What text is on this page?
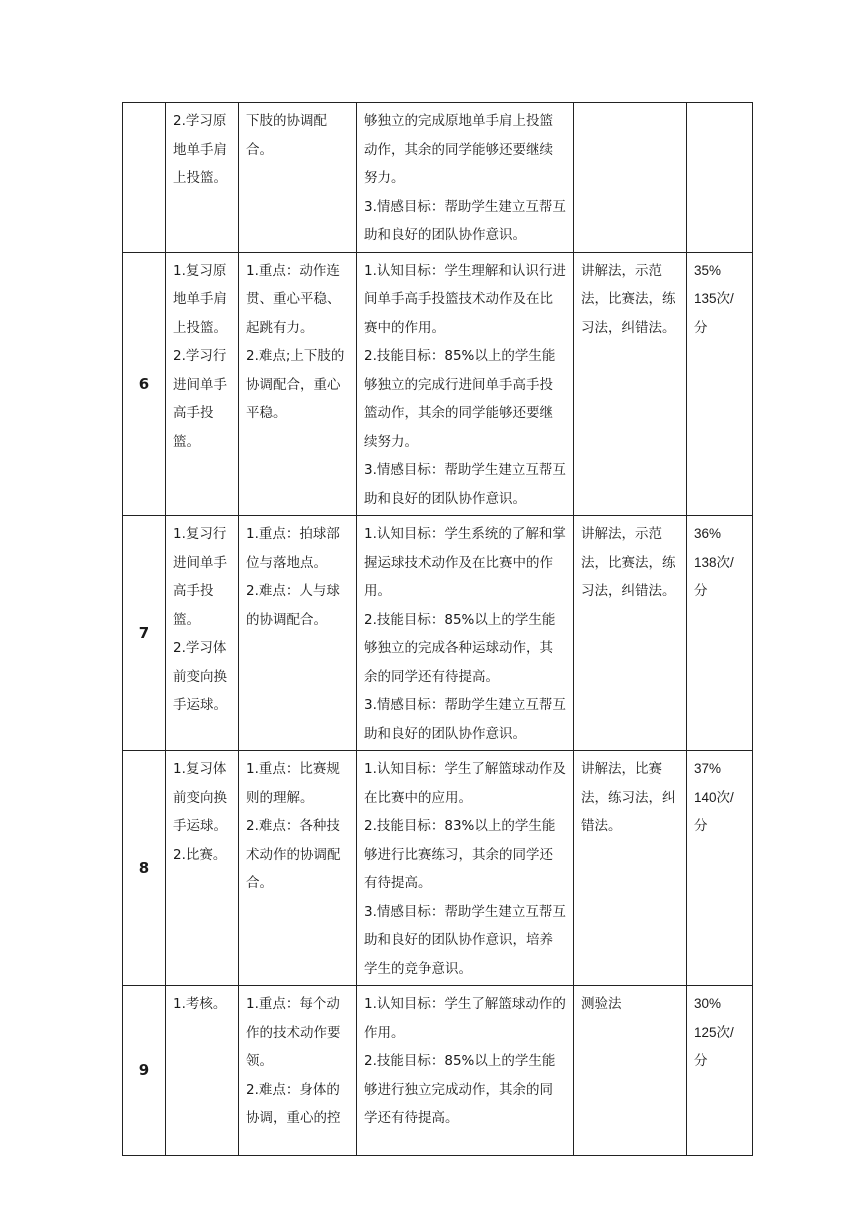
	2.学习原地单手肩上投篮。	下肢的协调配合。	够独立的完成原地单手肩上投篮动作，其余的同学能够还要继续努力。
3.情感目标：帮助学生建立互帮互助和良好的团队协作意识。		

6	1.复习原地单手肩上投篮。
2.学习行进间单手高手投篮。	1.重点：动作连贯、重心平稳、起跳有力。
2.难点;上下肢的协调配合，重心平稳。	1.认知目标：学生理解和认识行进间单手高手投篮技术动作及在比赛中的作用。
2.技能目标：85%以上的学生能够独立的完成行进间单手高手投篮动作，其余的同学能够还要继续努力。
3.情感目标：帮助学生建立互帮互助和良好的团队协作意识。	讲解法，示范法，比赛法，练习法，纠错法。	35%
135次/分

7	1.复习行进间单手高手投篮。
2.学习体前变向换手运球。	1.重点：拍球部位与落地点。
2.难点：人与球的协调配合。	1.认知目标：学生系统的了解和掌握运球技术动作及在比赛中的作用。
2.技能目标：85%以上的学生能够独立的完成各种运球动作，其余的同学还有待提高。
3.情感目标：帮助学生建立互帮互助和良好的团队协作意识。	讲解法，示范法，比赛法，练习法，纠错法。	36%
138次/分

8	1.复习体前变向换手运球。
2.比赛。	1.重点：比赛规则的理解。
2.难点：各种技术动作的协调配合。	1.认知目标：学生了解篮球动作及在比赛中的应用。
2.技能目标：83%以上的学生能够进行比赛练习，其余的同学还有待提高。
3.情感目标：帮助学生建立互帮互助和良好的团队协作意识，培养学生的竞争意识。	讲解法，比赛法，练习法，纠错法。	37%
140次/分

9	1.考核。	1.重点：每个动作的技术动作要领。
2.难点：身体的协调，重心的控	1.认知目标：学生了解篮球动作的作用。
2.技能目标：85%以上的学生能够进行独立完成动作，其余的同
学还有待提高。	测验法	30%
125次/分
